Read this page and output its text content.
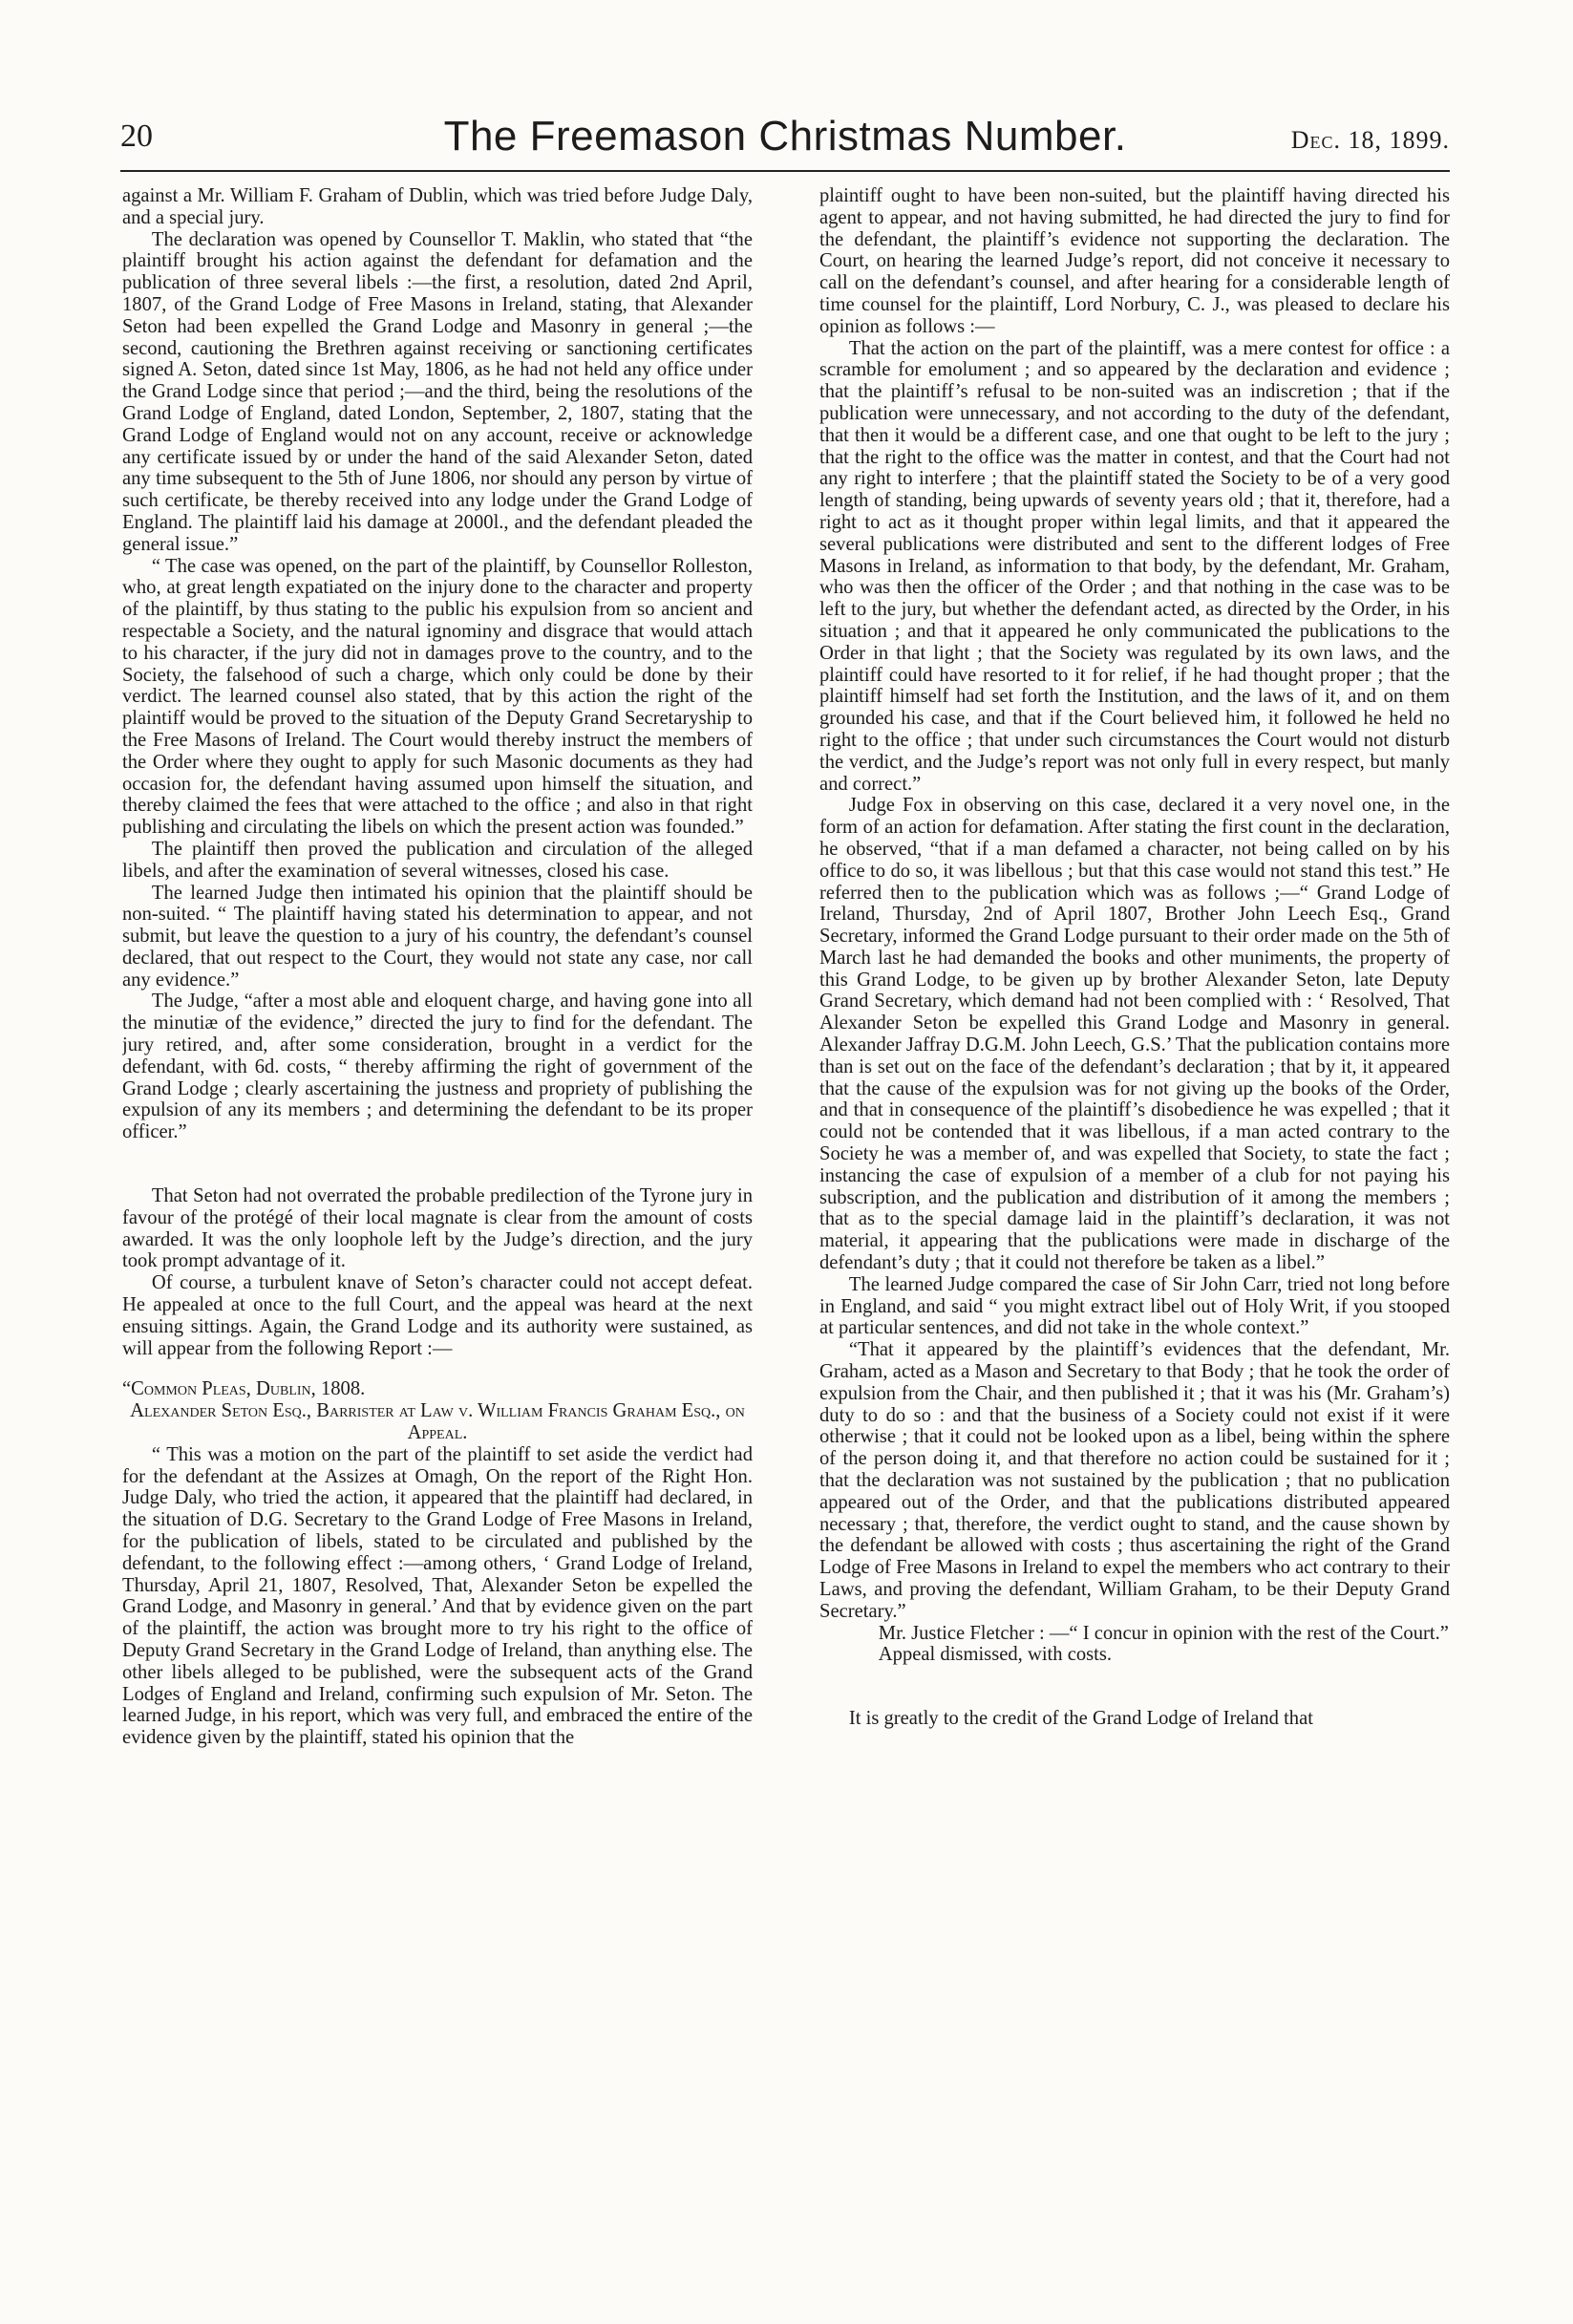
20	The Freemason Christmas Number.	Dec. 18, 1899.

against a Mr. William F. Graham of Dublin, which was tried before Judge Daly, and a special jury.

The declaration was opened by Counsellor T. Maklin, who stated that “the plaintiff brought his action against the defendant for defamation and the publication of three several libels :—the first, a resolution, dated 2nd April, 1807, of the Grand Lodge of Free Masons in Ireland, stating, that Alexander Seton had been expelled the Grand Lodge and Masonry in general ;—the second, cautioning the Brethren against receiving or sanctioning certificates signed A. Seton, dated since 1st May, 1806, as he had not held any office under the Grand Lodge since that period ;—and the third, being the resolutions of the Grand Lodge of England, dated London, September, 2, 1807, stating that the Grand Lodge of England would not on any account, receive or acknowledge any certificate issued by or under the hand of the said Alexander Seton, dated any time subsequent to the 5th of June 1806, nor should any person by virtue of such certificate, be thereby received into any lodge under the Grand Lodge of England. The plaintiff laid his damage at 2000l., and the defendant pleaded the general issue.”

“ The case was opened, on the part of the plaintiff, by Counsellor Rolleston, who, at great length expatiated on the injury done to the character and property of the plaintiff, by thus stating to the public his expulsion from so ancient and respectable a Society, and the natural ignominy and disgrace that would attach to his character, if the jury did not in damages prove to the country, and to the Society, the falsehood of such a charge, which only could be done by their verdict. The learned counsel also stated, that by this action the right of the plaintiff would be proved to the situation of the Deputy Grand Secretaryship to the Free Masons of Ireland. The Court would thereby instruct the members of the Order where they ought to apply for such Masonic documents as they had occasion for, the defendant having assumed upon himself the situation, and thereby claimed the fees that were attached to the office ; and also in that right publishing and circulating the libels on which the present action was founded.”

The plaintiff then proved the publication and circulation of the alleged libels, and after the examination of several witnesses, closed his case.

The learned Judge then intimated his opinion that the plaintiff should be non-suited. “ The plaintiff having stated his determination to appear, and not submit, but leave the question to a jury of his country, the defendant’s counsel declared, that out respect to the Court, they would not state any case, nor call any evidence.”

The Judge, “after a most able and eloquent charge, and having gone into all the minutiæ of the evidence,” directed the jury to find for the defendant. The jury retired, and, after some consideration, brought in a verdict for the defendant, with 6d. costs, “ thereby affirming the right of government of the Grand Lodge ; clearly ascertaining the justness and propriety of publishing the expulsion of any its members ; and determining the defendant to be its proper officer.”

That Seton had not overrated the probable predilection of the Tyrone jury in favour of the protégé of their local magnate is clear from the amount of costs awarded. It was the only loophole left by the Judge’s direction, and the jury took prompt advantage of it.

Of course, a turbulent knave of Seton’s character could not accept defeat. He appealed at once to the full Court, and the appeal was heard at the next ensuing sittings. Again, the Grand Lodge and its authority were sustained, as will appear from the following Report :—

“Common Pleas, Dublin, 1808.

Alexander Seton Esq., Barrister at Law v. William Francis Graham Esq., on Appeal.

“ This was a motion on the part of the plaintiff to set aside the verdict had for the defendant at the Assizes at Omagh, On the report of the Right Hon. Judge Daly, who tried the action, it appeared that the plaintiff had declared, in the situation of D.G. Secretary to the Grand Lodge of Free Masons in Ireland, for the publication of libels, stated to be circulated and published by the defendant, to the following effect :—among others, ‘ Grand Lodge of Ireland, Thursday, April 21, 1807, Resolved, That, Alexander Seton be expelled the Grand Lodge, and Masonry in general.’ And that by evidence given on the part of the plaintiff, the action was brought more to try his right to the office of Deputy Grand Secretary in the Grand Lodge of Ireland, than anything else. The other libels alleged to be published, were the subsequent acts of the Grand Lodges of England and Ireland, confirming such expulsion of Mr. Seton. The learned Judge, in his report, which was very full, and embraced the entire of the evidence given by the plaintiff, stated his opinion that the

plaintiff ought to have been non-suited, but the plaintiff having directed his agent to appear, and not having submitted, he had directed the jury to find for the defendant, the plaintiff’s evidence not supporting the declaration. The Court, on hearing the learned Judge’s report, did not conceive it necessary to call on the defendant’s counsel, and after hearing for a considerable length of time counsel for the plaintiff, Lord Norbury, C. J., was pleased to declare his opinion as follows :—

That the action on the part of the plaintiff, was a mere contest for office : a scramble for emolument ; and so appeared by the declaration and evidence ; that the plaintiff’s refusal to be non-suited was an indiscretion ; that if the publication were unnecessary, and not according to the duty of the defendant, that then it would be a different case, and one that ought to be left to the jury ; that the right to the office was the matter in contest, and that the Court had not any right to interfere ; that the plaintiff stated the Society to be of a very good length of standing, being upwards of seventy years old ; that it, therefore, had a right to act as it thought proper within legal limits, and that it appeared the several publications were distributed and sent to the different lodges of Free Masons in Ireland, as information to that body, by the defendant, Mr. Graham, who was then the officer of the Order ; and that nothing in the case was to be left to the jury, but whether the defendant acted, as directed by the Order, in his situation ; and that it appeared he only communicated the publications to the Order in that light ; that the Society was regulated by its own laws, and the plaintiff could have resorted to it for relief, if he had thought proper ; that the plaintiff himself had set forth the Institution, and the laws of it, and on them grounded his case, and that if the Court believed him, it followed he held no right to the office ; that under such circumstances the Court would not disturb the verdict, and the Judge’s report was not only full in every respect, but manly and correct.”

Judge Fox in observing on this case, declared it a very novel one, in the form of an action for defamation. After stating the first count in the declaration, he observed, “that if a man defamed a character, not being called on by his office to do so, it was libellous ; but that this case would not stand this test.” He referred then to the publication which was as follows ;—“ Grand Lodge of Ireland, Thursday, 2nd of April 1807, Brother John Leech Esq., Grand Secretary, informed the Grand Lodge pursuant to their order made on the 5th of March last he had demanded the books and other muniments, the property of this Grand Lodge, to be given up by brother Alexander Seton, late Deputy Grand Secretary, which demand had not been complied with : ‘ Resolved, That Alexander Seton be expelled this Grand Lodge and Masonry in general. Alexander Jaffray D.G.M. John Leech, G.S.’ That the publication contains more than is set out on the face of the defendant’s declaration ; that by it, it appeared that the cause of the expulsion was for not giving up the books of the Order, and that in consequence of the plaintiff’s disobedience he was expelled ; that it could not be contended that it was libellous, if a man acted contrary to the Society he was a member of, and was expelled that Society, to state the fact ; instancing the case of expulsion of a member of a club for not paying his subscription, and the publication and distribution of it among the members ; that as to the special damage laid in the plaintiff’s declaration, it was not material, it appearing that the publications were made in discharge of the defendant’s duty ; that it could not therefore be taken as a libel.”

The learned Judge compared the case of Sir John Carr, tried not long before in England, and said “ you might extract libel out of Holy Writ, if you stooped at particular sentences, and did not take in the whole context.”

“That it appeared by the plaintiff’s evidences that the defendant, Mr. Graham, acted as a Mason and Secretary to that Body ; that he took the order of expulsion from the Chair, and then published it ; that it was his (Mr. Graham’s) duty to do so : and that the business of a Society could not exist if it were otherwise ; that it could not be looked upon as a libel, being within the sphere of the person doing it, and that therefore no action could be sustained for it ; that the declaration was not sustained by the publication ; that no publication appeared out of the Order, and that the publications distributed appeared necessary ; that, therefore, the verdict ought to stand, and the cause shown by the defendant be allowed with costs ; thus ascertaining the right of the Grand Lodge of Free Masons in Ireland to expel the members who act contrary to their Laws, and proving the defendant, William Graham, to be their Deputy Grand Secretary.”

Mr. Justice Fletcher : —“ I concur in opinion with the rest of the Court.”

Appeal dismissed, with costs.

It is greatly to the credit of the Grand Lodge of Ireland that
